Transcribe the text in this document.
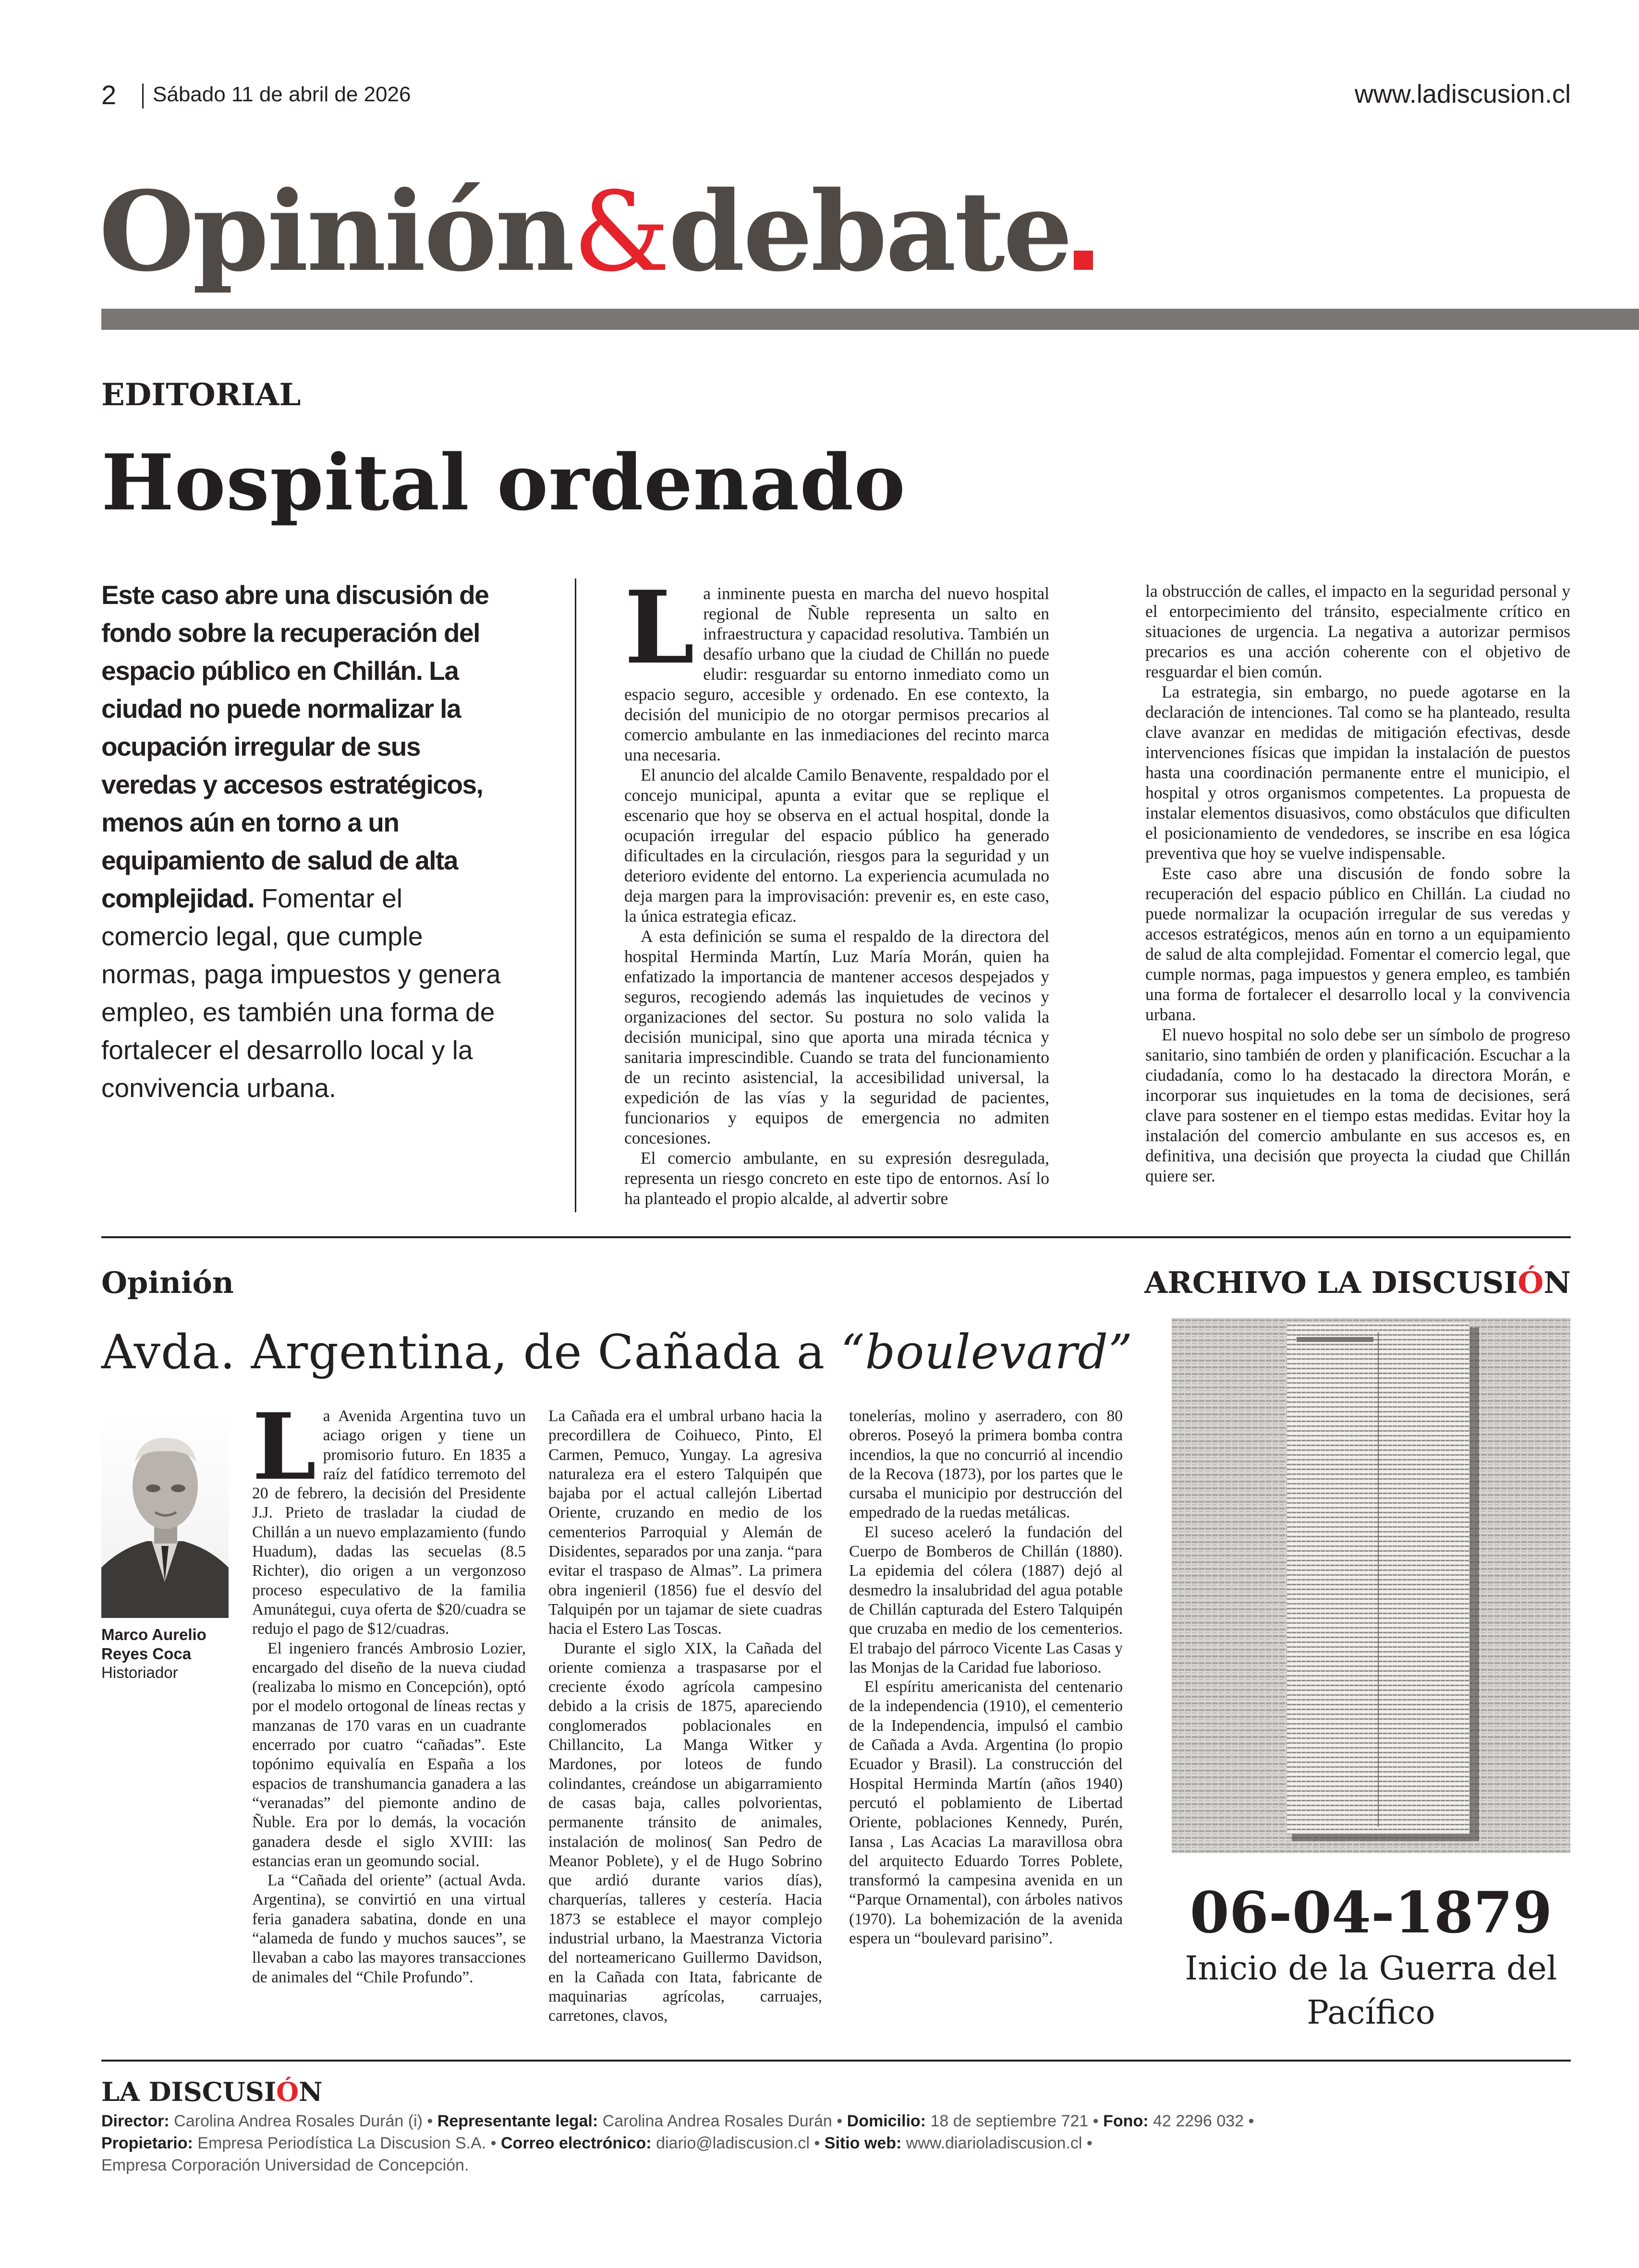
2 Sábado 11 de abril de 2026	www.ladiscusion.cl
Opinión&debate
EDITORIAL
Hospital ordenado
Este caso abre una discusión de fondo sobre la recuperación del espacio público en Chillán. La ciudad no puede normalizar la ocupación irregular de sus veredas y accesos estratégicos, menos aún en torno a un equipamiento de salud de alta complejidad. Fomentar el comercio legal, que cumple normas, paga impuestos y genera empleo, es también una forma de fortalecer el desarrollo local y la convivencia urbana.
L a inminente puesta en marcha del nuevo hospital regional de Ñuble representa un salto en infraestructura y capacidad resolutiva. También un desafío urbano que la ciudad de Chillán no puede eludir: resguardar su entorno inmediato como un espacio seguro, accesible y ordenado. En ese contexto, la decisión del municipio de no otorgar permisos precarios al comercio ambulante en las inmediaciones del recinto marca una necesaria.

El anuncio del alcalde Camilo Benavente, respaldado por el concejo municipal, apunta a evitar que se replique el escenario que hoy se observa en el actual hospital, donde la ocupación irregular del espacio público ha generado dificultades en la circulación, riesgos para la seguridad y un deterioro evidente del entorno. La experiencia acumulada no deja margen para la improvisación: prevenir es, en este caso, la única estrategia eficaz.

A esta definición se suma el respaldo de la directora del hospital Herminda Martín, Luz María Morán, quien ha enfatizado la importancia de mantener accesos despejados y seguros, recogiendo además las inquietudes de vecinos y organizaciones del sector. Su postura no solo valida la decisión municipal, sino que aporta una mirada técnica y sanitaria imprescindible. Cuando se trata del funcionamiento de un recinto asistencial, la accesibilidad universal, la expedición de las vías y la seguridad de pacientes, funcionarios y equipos de emergencia no admiten concesiones.

El comercio ambulante, en su expresión desregulada, representa un riesgo concreto en este tipo de entornos. Así lo ha planteado el propio alcalde, al advertir sobre

la obstrucción de calles, el impacto en la seguridad personal y el entorpecimiento del tránsito, especialmente crítico en situaciones de urgencia. La negativa a autorizar permisos precarios es una acción coherente con el objetivo de resguardar el bien común.

La estrategia, sin embargo, no puede agotarse en la declaración de intenciones. Tal como se ha planteado, resulta clave avanzar en medidas de mitigación efectivas, desde intervenciones físicas que impidan la instalación de puestos hasta una coordinación permanente entre el municipio, el hospital y otros organismos competentes. La propuesta de instalar elementos disuasivos, como obstáculos que dificulten el posicionamiento de vendedores, se inscribe en esa lógica preventiva que hoy se vuelve indispensable.

Este caso abre una discusión de fondo sobre la recuperación del espacio público en Chillán. La ciudad no puede normalizar la ocupación irregular de sus veredas y accesos estratégicos, menos aún en torno a un equipamiento de salud de alta complejidad. Fomentar el comercio legal, que cumple normas, paga impuestos y genera empleo, es también una forma de fortalecer el desarrollo local y la convivencia urbana.

El nuevo hospital no solo debe ser un símbolo de progreso sanitario, sino también de orden y planificación. Escuchar a la ciudadanía, como lo ha destacado la directora Morán, e incorporar sus inquietudes en la toma de decisiones, será clave para sostener en el tiempo estas medidas. Evitar hoy la instalación del comercio ambulante en sus accesos es, en definitiva, una decisión que proyecta la ciudad que Chillán quiere ser.

Opinión
Avda. Argentina, de Cañada a “boulevard”
Marco Aurelio Reyes Coca
Historiador
L a Avenida Argentina tuvo un aciago origen y tiene un promisorio futuro. En 1835 a raíz del fatídico terremoto del 20 de febrero, la decisión del Presidente J.J. Prieto de trasladar la ciudad de Chillán a un nuevo emplazamiento (fundo Huadum), dadas las secuelas (8.5 Richter), dio origen a un vergonzoso proceso especulativo de la familia Amunátegui, cuya oferta de $20/cuadra se redujo el pago de $12/cuadras.

El ingeniero francés Ambrosio Lozier, encargado del diseño de la nueva ciudad (realizaba lo mismo en Concepción), optó por el modelo ortogonal de líneas rectas y manzanas de 170 varas en un cuadrante encerrado por cuatro “cañadas”. Este topónimo equivalía en España a los espacios de transhumancia ganadera a las “veranadas” del piemonte andino de Ñuble. Era por lo demás, la vocación ganadera desde el siglo XVIII: las estancias eran un geomundo social.

La “Cañada del oriente” (actual Avda. Argentina), se convirtió en una virtual feria ganadera sabatina, donde en una “alameda de fundo y muchos sauces”, se llevaban a cabo las mayores transacciones de animales del “Chile Profundo”.

La Cañada era el umbral urbano hacia la precordillera de Coihueco, Pinto, El Carmen, Pemuco, Yungay. La agresiva naturaleza era el estero Talquipén que bajaba por el actual callejón Libertad Oriente, cruzando en medio de los cementerios Parroquial y Alemán de Disidentes, separados por una zanja. “para evitar el traspaso de Almas”. La primera obra ingenieril (1856) fue el desvío del Talquipén por un tajamar de siete cuadras hacia el Estero Las Toscas.

Durante el siglo XIX, la Cañada del oriente comienza a traspasarse por el creciente éxodo agrícola campesino debido a la crisis de 1875, apareciendo conglomerados poblacionales en Chillancito, La Manga Witker y Mardones, por loteos de fundo colindantes, creándose un abigarramiento de casas baja, calles polvorientas, permanente tránsito de animales, instalación de molinos( San Pedro de Meanor Poblete), y el de Hugo Sobrino que ardió durante varios días), charquerías, talleres y cestería. Hacia 1873 se establece el mayor complejo industrial urbano, la Maestranza Victoria del norteamericano Guillermo Davidson, en la Cañada con Itata, fabricante de maquinarias agrícolas, carruajes, carretones, clavos,

tonelerías, molino y aserradero, con 80 obreros. Poseyó la primera bomba contra incendios, la que no concurrió al incendio de la Recova (1873), por los partes que le cursaba el municipio por destrucción del empedrado de la ruedas metálicas.

El suceso aceleró la fundación del Cuerpo de Bomberos de Chillán (1880). La epidemia del cólera (1887) dejó al desmedro la insalubridad del agua potable de Chillán capturada del Estero Talquipén que cruzaba en medio de los cementerios. El trabajo del párroco Vicente Las Casas y las Monjas de la Caridad fue laborioso.

El espíritu americanista del centenario de la independencia (1910), el cementerio de la Independencia, impulsó el cambio de Cañada a Avda. Argentina (lo propio Ecuador y Brasil). La construcción del Hospital Herminda Martín (años 1940) percutó el poblamiento de Libertad Oriente, poblaciones Kennedy, Purén, Iansa , Las Acacias La maravillosa obra del arquitecto Eduardo Torres Poblete, transformó la campesina avenida en un “Parque Ornamental), con árboles nativos (1970). La bohemización de la avenida espera un “boulevard parisino”.

ARCHIVO LA DISCUSIÓN
06-04-1879
Inicio de la Guerra del Pacífico
LA DISCUSIÓN
Director: Carolina Andrea Rosales Durán (i) • Representante legal: Carolina Andrea Rosales Durán • Domicilio: 18 de septiembre 721 • Fono: 42 2296 032 •
Propietario: Empresa Periodística La Discusion S.A. • Correo electrónico: diario@ladiscusion.cl • Sitio web: www.diarioladiscusion.cl •
Empresa Corporación Universidad de Concepción.
